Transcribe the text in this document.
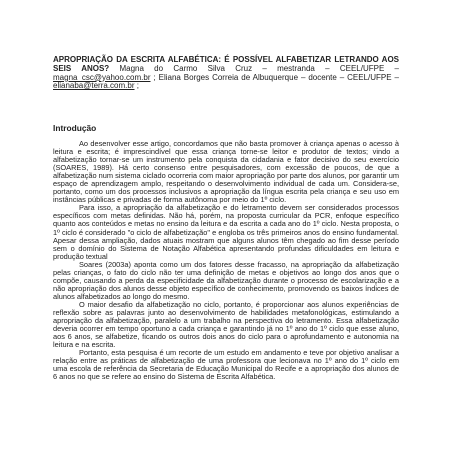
APROPRIAÇÃO DA ESCRITA ALFABÉTICA: É POSSÍVEL ALFABETIZAR LETRANDO AOS SEIS ANOS? Magna do Carmo Silva Cruz – mestranda – CEEL/UFPE – magna_csc@yahoo.com.br ; Eliana Borges Correia de Albuquerque – docente – CEEL/UFPE – elianaba@terra.com.br ;
Introdução

Ao desenvolver esse artigo, concordamos que não basta promover à criança apenas o acesso à leitura e escrita; é imprescindível que essa criança torne-se leitor e produtor de textos; vindo a alfabetização tornar-se um instrumento pela conquista da cidadania e fator decisivo do seu exercício (SOARES, 1989). Há certo consenso entre pesquisadores, com excessão de poucos, de que a alfabetização num sistema ciclado ocorreria com maior apropriação por parte dos alunos, por garantir um espaço de aprendizagem amplo, respeitando o desenvolvimento individual de cada um. Considera-se, portanto, como um dos processos inclusivos a apropriação da língua escrita pela criança e seu uso em instâncias públicas e privadas de forma autônoma por meio do 1º ciclo.

Para isso, a apropriação da alfabetização e do letramento devem ser considerados processos específicos com metas definidas. Não há, porém, na proposta curricular da PCR, enfoque específico quanto aos conteúdos e metas no ensino da leitura e da escrita a cada ano do 1º ciclo. Nesta proposta, o 1º ciclo é considerado "o ciclo de alfabetização" e engloba os três primeiros anos do ensino fundamental. Apesar dessa ampliação, dados atuais mostram que alguns alunos têm chegado ao fim desse período sem o domínio do Sistema de Notação Alfabética apresentando profundas dificuldades em leitura e produção textual

Soares (2003a) aponta como um dos fatores desse fracasso, na apropriação da alfabetização pelas crianças, o fato do ciclo não ter uma definição de metas e objetivos ao longo dos anos que o compõe, causando a perda da especificidade da alfabetização durante o processo de escolarização e a não apropriação dos alunos desse objeto específico de conhecimento, promovendo os baixos índices de alunos alfabetizados ao longo do mesmo.

O maior desafio da alfabetização no ciclo, portanto, é proporcionar aos alunos experiências de reflexão sobre as palavras junto ao desenvolvimento de habilidades metafonológicas, estimulando a apropriação da alfabetização, paralelo a um trabalho na perspectiva do letramento. Essa alfabetização deveria ocorrer em tempo oportuno a cada criança e garantindo já no 1º ano do 1º ciclo que esse aluno, aos 6 anos, se alfabetize, ficando os outros dois anos do ciclo para o aprofundamento e autonomia na leitura e na escrita.

Portanto, esta pesquisa é um recorte de um estudo em andamento e teve por objetivo analisar a relação entre as práticas de alfabetização de uma professora que lecionava no 1º ano do 1º ciclo em uma escola de referência da Secretaria de Educação Municipal do Recife e a apropriação dos alunos de 6 anos no que se refere ao ensino do Sistema de Escrita Alfabética.
